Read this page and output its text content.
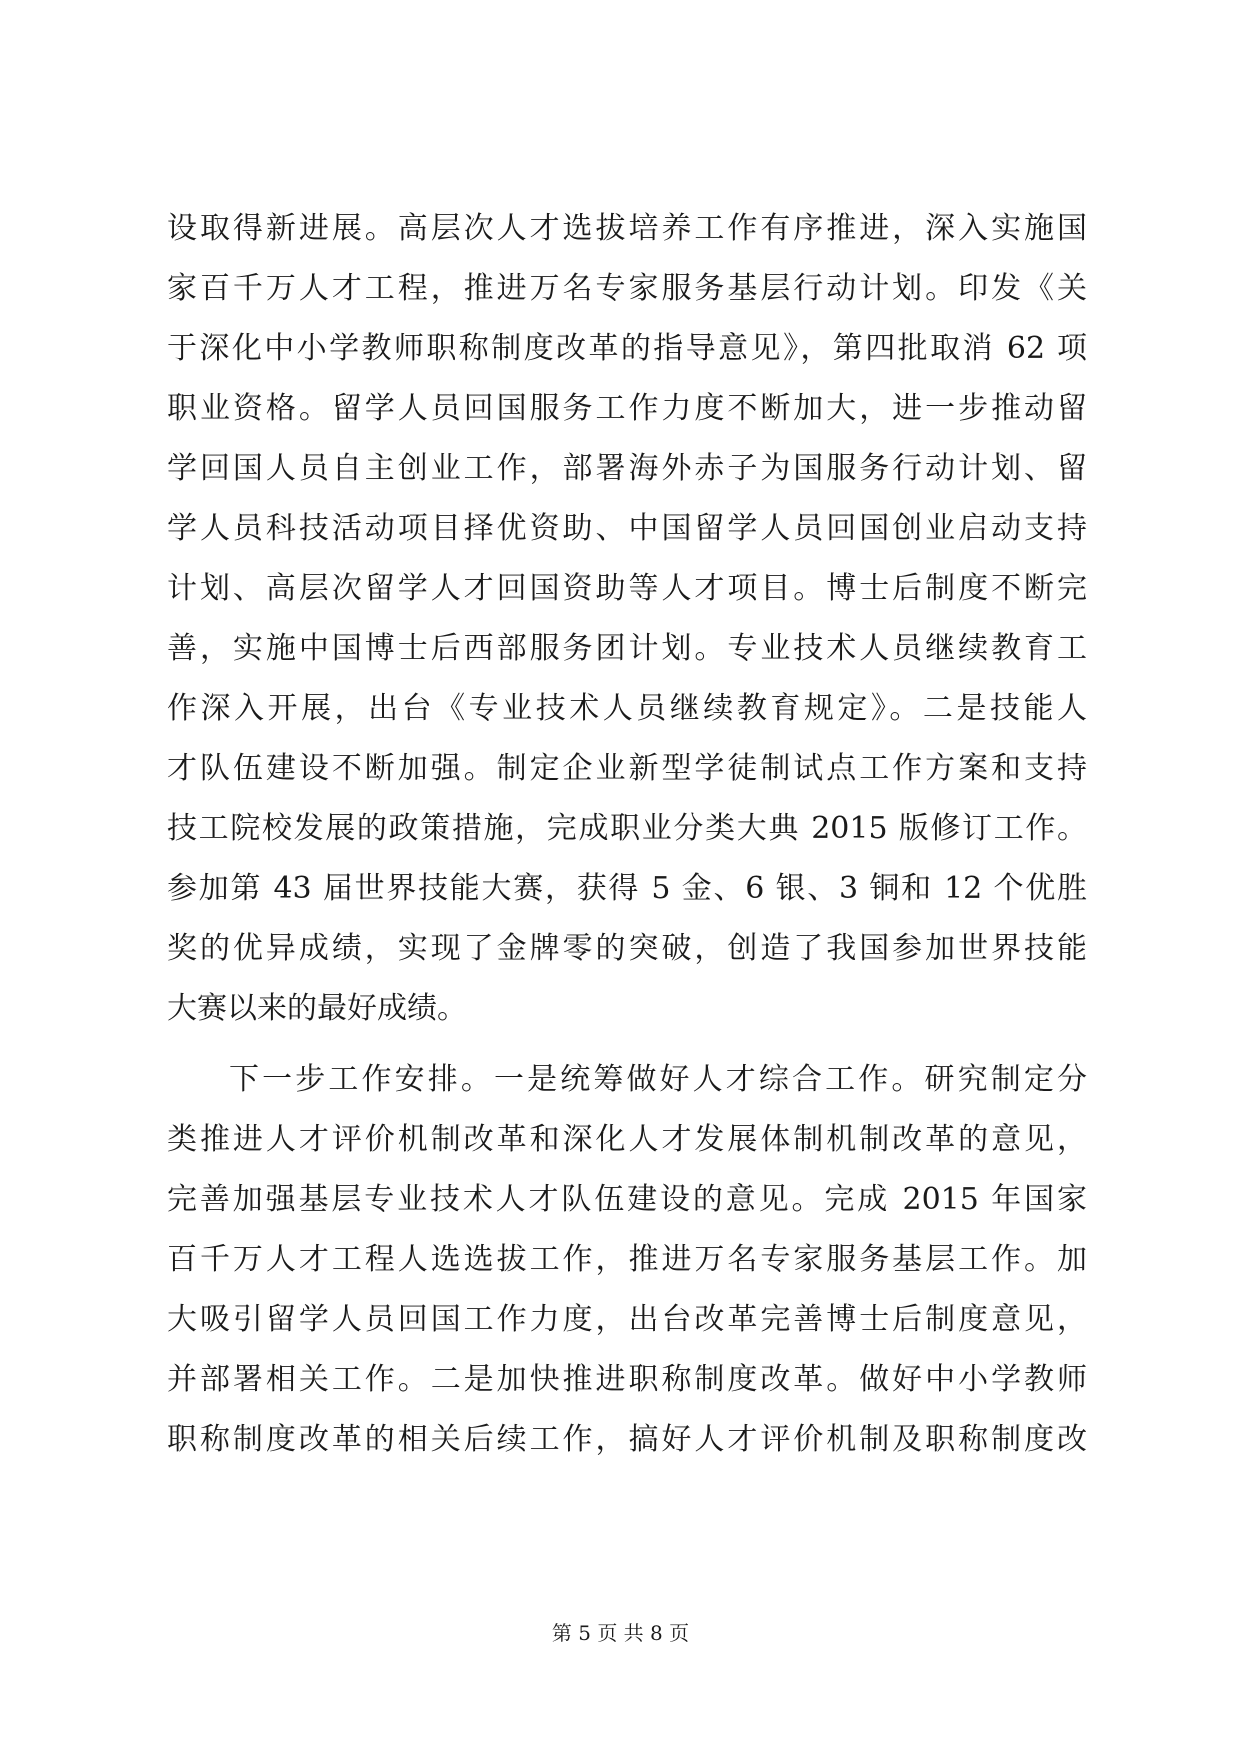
设取得新进展。高层次人才选拔培养工作有序推进，深入实施国
家百千万人才工程，推进万名专家服务基层行动计划。印发《关
于深化中小学教师职称制度改革的指导意见》，第四批取消 62 项
职业资格。留学人员回国服务工作力度不断加大，进一步推动留
学回国人员自主创业工作，部署海外赤子为国服务行动计划、留
学人员科技活动项目择优资助、中国留学人员回国创业启动支持
计划、高层次留学人才回国资助等人才项目。博士后制度不断完
善，实施中国博士后西部服务团计划。专业技术人员继续教育工
作深入开展，出台《专业技术人员继续教育规定》。二是技能人
才队伍建设不断加强。制定企业新型学徒制试点工作方案和支持
技工院校发展的政策措施，完成职业分类大典 2015 版修订工作。
参加第 43 届世界技能大赛，获得 5 金、6 银、3 铜和 12 个优胜
奖的优异成绩，实现了金牌零的突破，创造了我国参加世界技能
大赛以来的最好成绩。
下一步工作安排。一是统筹做好人才综合工作。研究制定分
类推进人才评价机制改革和深化人才发展体制机制改革的意见，
完善加强基层专业技术人才队伍建设的意见。完成 2015 年国家
百千万人才工程人选选拔工作，推进万名专家服务基层工作。加
大吸引留学人员回国工作力度，出台改革完善博士后制度意见，
并部署相关工作。二是加快推进职称制度改革。做好中小学教师
职称制度改革的相关后续工作，搞好人才评价机制及职称制度改
第 5 页 共 8 页
